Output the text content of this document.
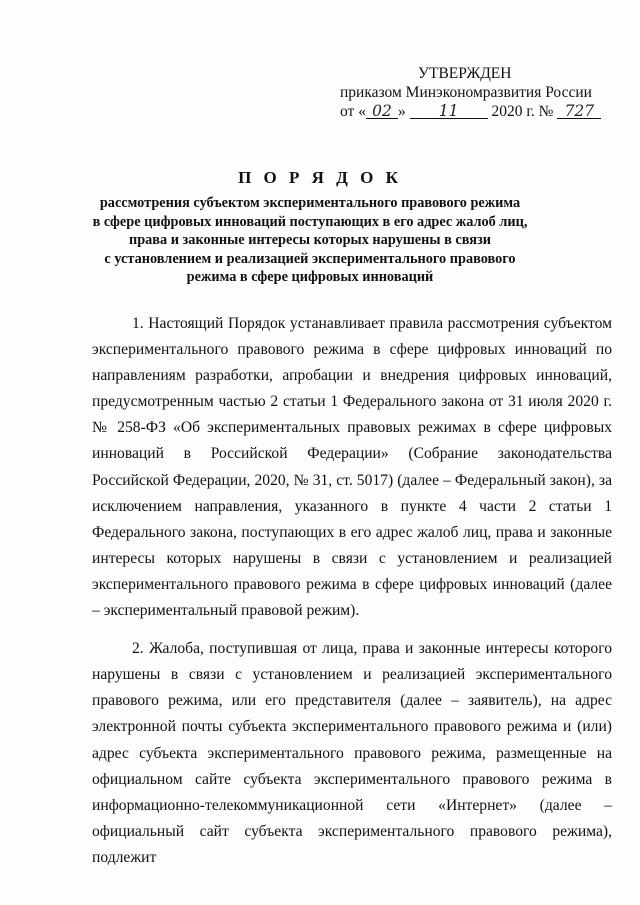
УТВЕРЖДЕН
приказом Минэкономразвития России
от « 02 » 11 2020 г. № 727
П О Р Я Д О К
рассмотрения субъектом экспериментального правового режима
в сфере цифровых инноваций поступающих в его адрес жалоб лиц,
права и законные интересы которых нарушены в связи
с установлением и реализацией экспериментального правового
режима в сфере цифровых инноваций

1. Настоящий Порядок устанавливает правила рассмотрения субъектом экспериментального правового режима в сфере цифровых инноваций по направлениям разработки, апробации и внедрения цифровых инноваций, предусмотренным частью 2 статьи 1 Федерального закона от 31 июля 2020 г. № 258-ФЗ «Об экспериментальных правовых режимах в сфере цифровых инноваций в Российской Федерации» (Собрание законодательства Российской Федерации, 2020, № 31, ст. 5017) (далее – Федеральный закон), за исключением направления, указанного в пункте 4 части 2 статьи 1 Федерального закона, поступающих в его адрес жалоб лиц, права и законные интересы которых нарушены в связи с установлением и реализацией экспериментального правового режима в сфере цифровых инноваций (далее – экспериментальный правовой режим).

2. Жалоба, поступившая от лица, права и законные интересы которого нарушены в связи с установлением и реализацией экспериментального правового режима, или его представителя (далее – заявитель), на адрес электронной почты субъекта экспериментального правового режима и (или) адрес субъекта экспериментального правового режима, размещенные на официальном сайте субъекта экспериментального правового режима в информационно-телекоммуникационной сети «Интернет» (далее – официальный сайт субъекта экспериментального правового режима), подлежит
